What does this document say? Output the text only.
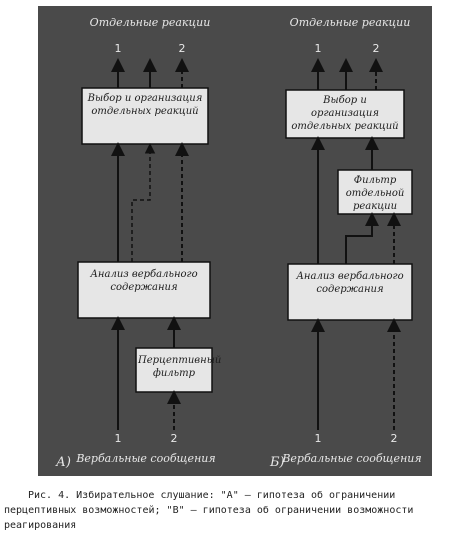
Отдельные реакции
1	2
Выбор и организация отдельных реакций
Анализ вербального содержания
Перцептивный фильтр
1	2
Вербальные сообщения
А)
Отдельные реакции
1	2
Выбор и организация отдельных реакций
Фильтр отдельной реакции
Анализ вербального содержания
1	2
Вербальные сообщения
Б)

Рис. 4. Избирательное слушание: "А" – гипотеза об ограничении перцептивных возможностей; "В" – гипотеза об ограничении возможности реагирования
